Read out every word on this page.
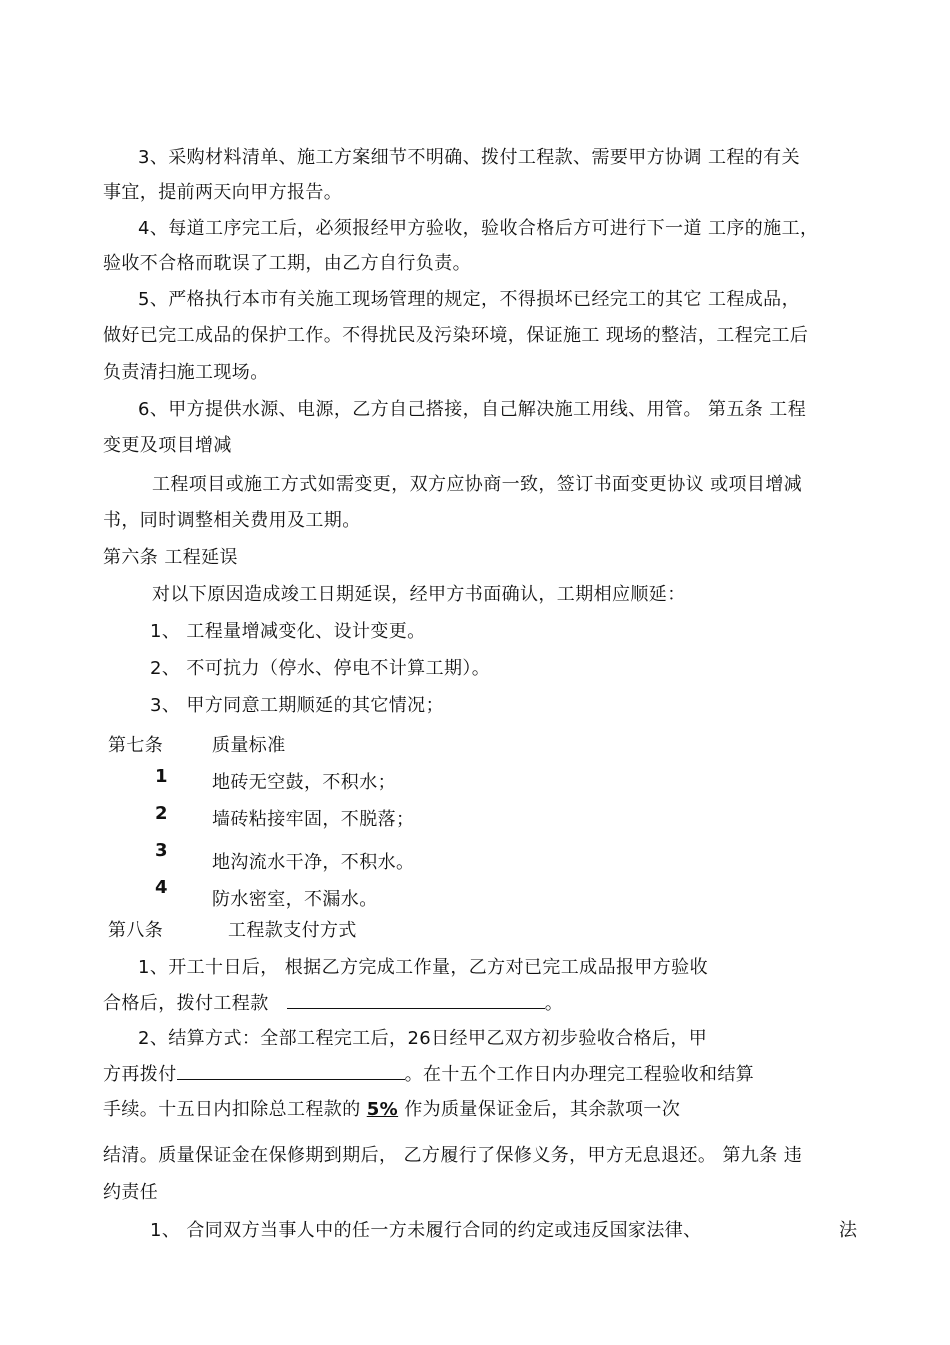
3、采购材料清单、施工方案细节不明确、拨付工程款、需要甲方协调 工程的有关
事宜，提前两天向甲方报告。
4、每道工序完工后，必须报经甲方验收，验收合格后方可进行下一道 工序的施工，
验收不合格而耽误了工期，由乙方自行负责。
5、严格执行本市有关施工现场管理的规定，不得损坏已经完工的其它 工程成品，
做好已完工成品的保护工作。不得扰民及污染环境，保证施工 现场的整洁，工程完工后
负责清扫施工现场。
6、甲方提供水源、电源，乙方自己搭接，自己解决施工用线、用管。 第五条 工程
变更及项目增减
工程项目或施工方式如需变更，双方应协商一致，签订书面变更协议 或项目增减
书，同时调整相关费用及工期。
第六条 工程延误
对以下原因造成竣工日期延误，经甲方书面确认，工期相应顺延：
1、 工程量增减变化、设计变更。
2、 不可抗力（停水、停电不计算工期）。
3、 甲方同意工期顺延的其它情况；
第七条	质量标准
1 地砖无空鼓，不积水；
2 墙砖粘接牢固，不脱落；
3
地沟流水干净，不积水。
4
防水密室，不漏水。
第八条	工程款支付方式
1、开工十日后， 根据乙方完成工作量，乙方对已完工成品报甲方验收
合格后，拨付工程款	。
2、结算方式：全部工程完工后，26日经甲乙双方初步验收合格后，甲
方再拨付	。在十五个工作日内办理完工程验收和结算
手续。十五日内扣除总工程款的 5% 作为质量保证金后，其余款项一次
结清。质量保证金在保修期到期后， 乙方履行了保修义务，甲方无息退还。 第九条 违
约责任
1、 合同双方当事人中的任一方未履行合同的约定或违反国家法律、	法
